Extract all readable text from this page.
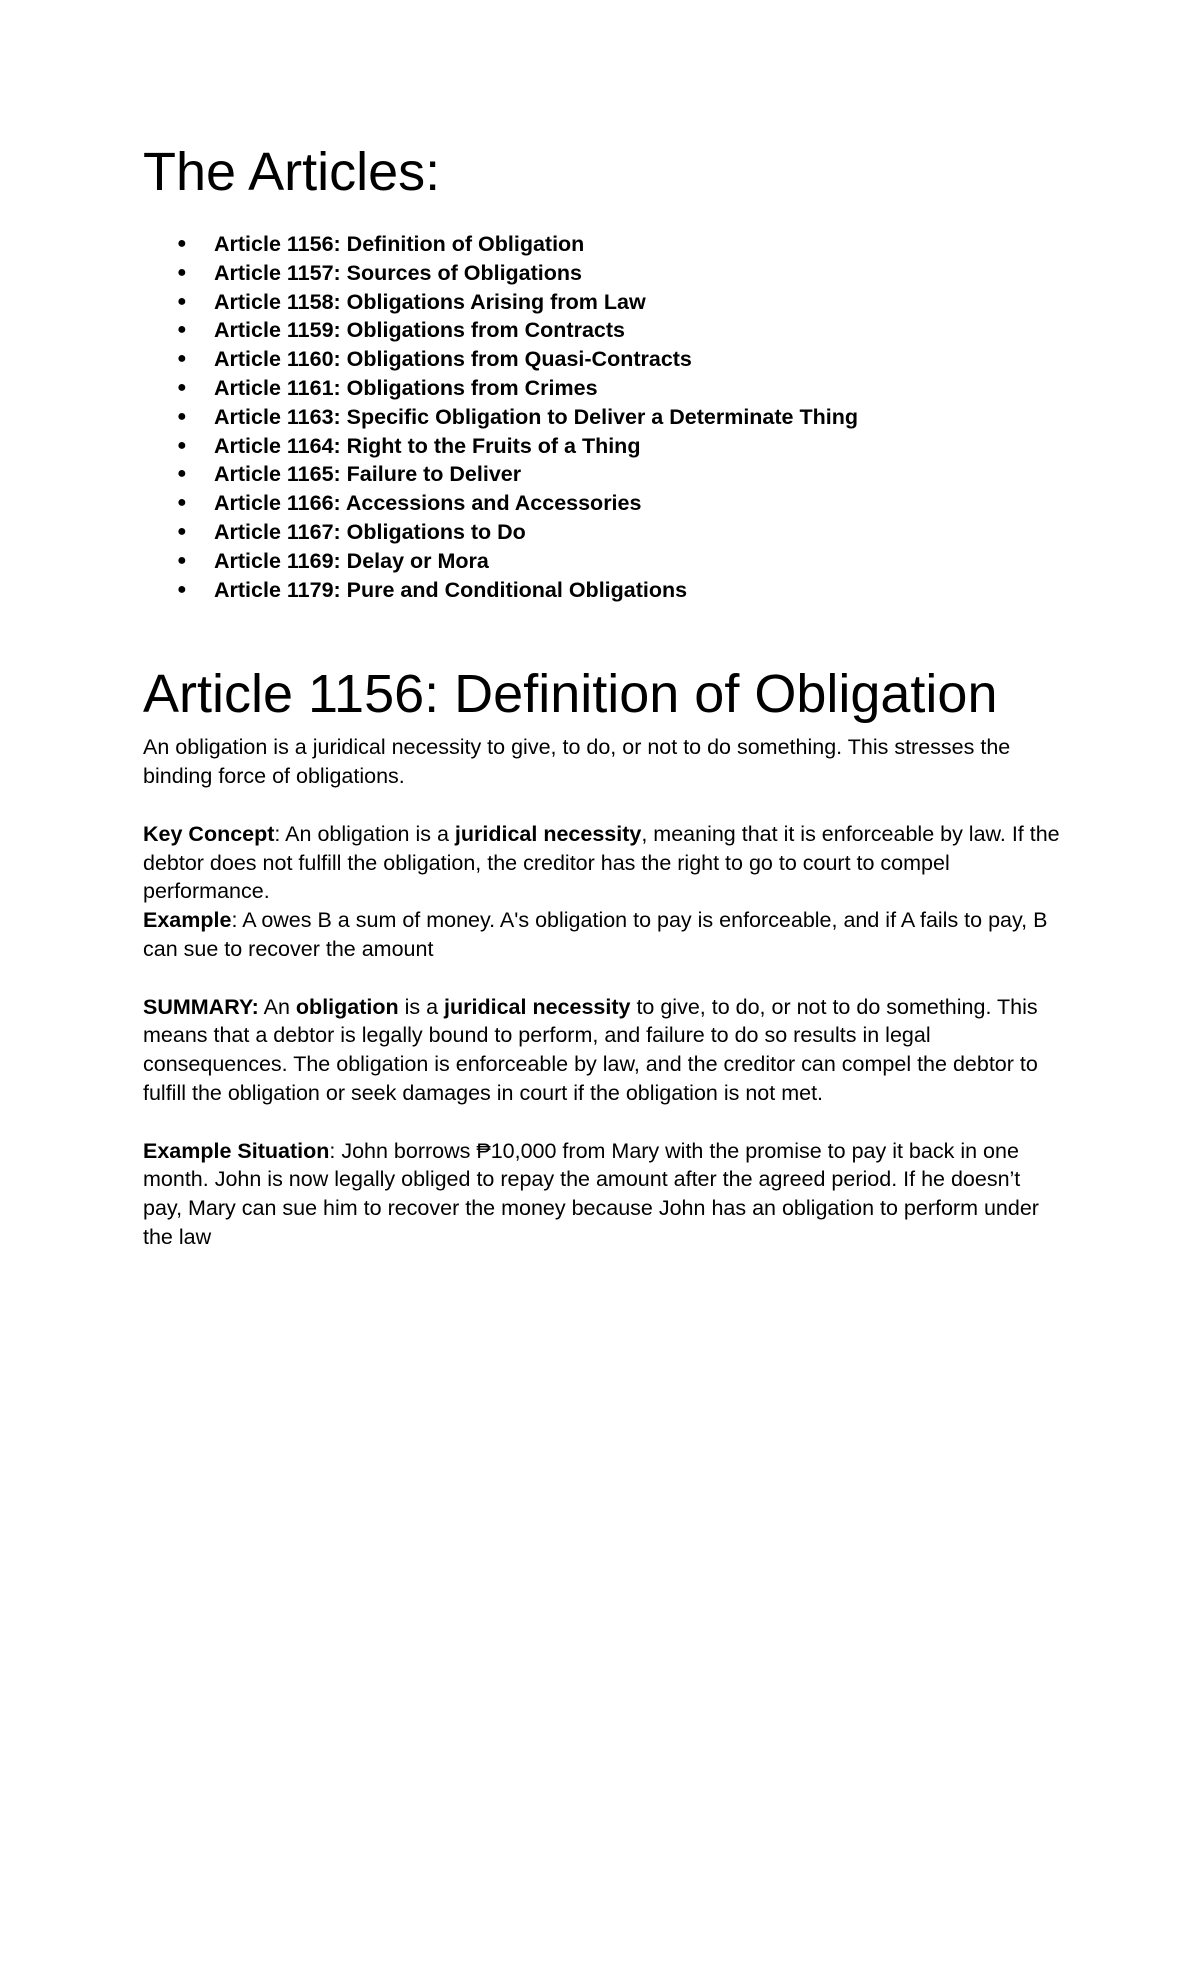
The Articles:
● Article 1156: Definition of Obligation
● Article 1157: Sources of Obligations
● Article 1158: Obligations Arising from Law
● Article 1159: Obligations from Contracts
● Article 1160: Obligations from Quasi-Contracts
● Article 1161: Obligations from Crimes
● Article 1163: Specific Obligation to Deliver a Determinate Thing
● Article 1164: Right to the Fruits of a Thing
● Article 1165: Failure to Deliver
● Article 1166: Accessions and Accessories
● Article 1167: Obligations to Do
● Article 1169: Delay or Mora
● Article 1179: Pure and Conditional Obligations
Article 1156: Definition of Obligation

An obligation is a juridical necessity to give, to do, or not to do something. This stresses the binding force of obligations.

Key Concept: An obligation is a juridical necessity, meaning that it is enforceable by law. If the debtor does not fulfill the obligation, the creditor has the right to go to court to compel performance.

Example: A owes B a sum of money. A's obligation to pay is enforceable, and if A fails to pay, B can sue to recover the amount

SUMMARY: An obligation is a juridical necessity to give, to do, or not to do something. This means that a debtor is legally bound to perform, and failure to do so results in legal consequences. The obligation is enforceable by law, and the creditor can compel the debtor to fulfill the obligation or seek damages in court if the obligation is not met.

Example Situation: John borrows ₱10,000 from Mary with the promise to pay it back in one month. John is now legally obliged to repay the amount after the agreed period. If he doesn’t pay, Mary can sue him to recover the money because John has an obligation to perform under the law
